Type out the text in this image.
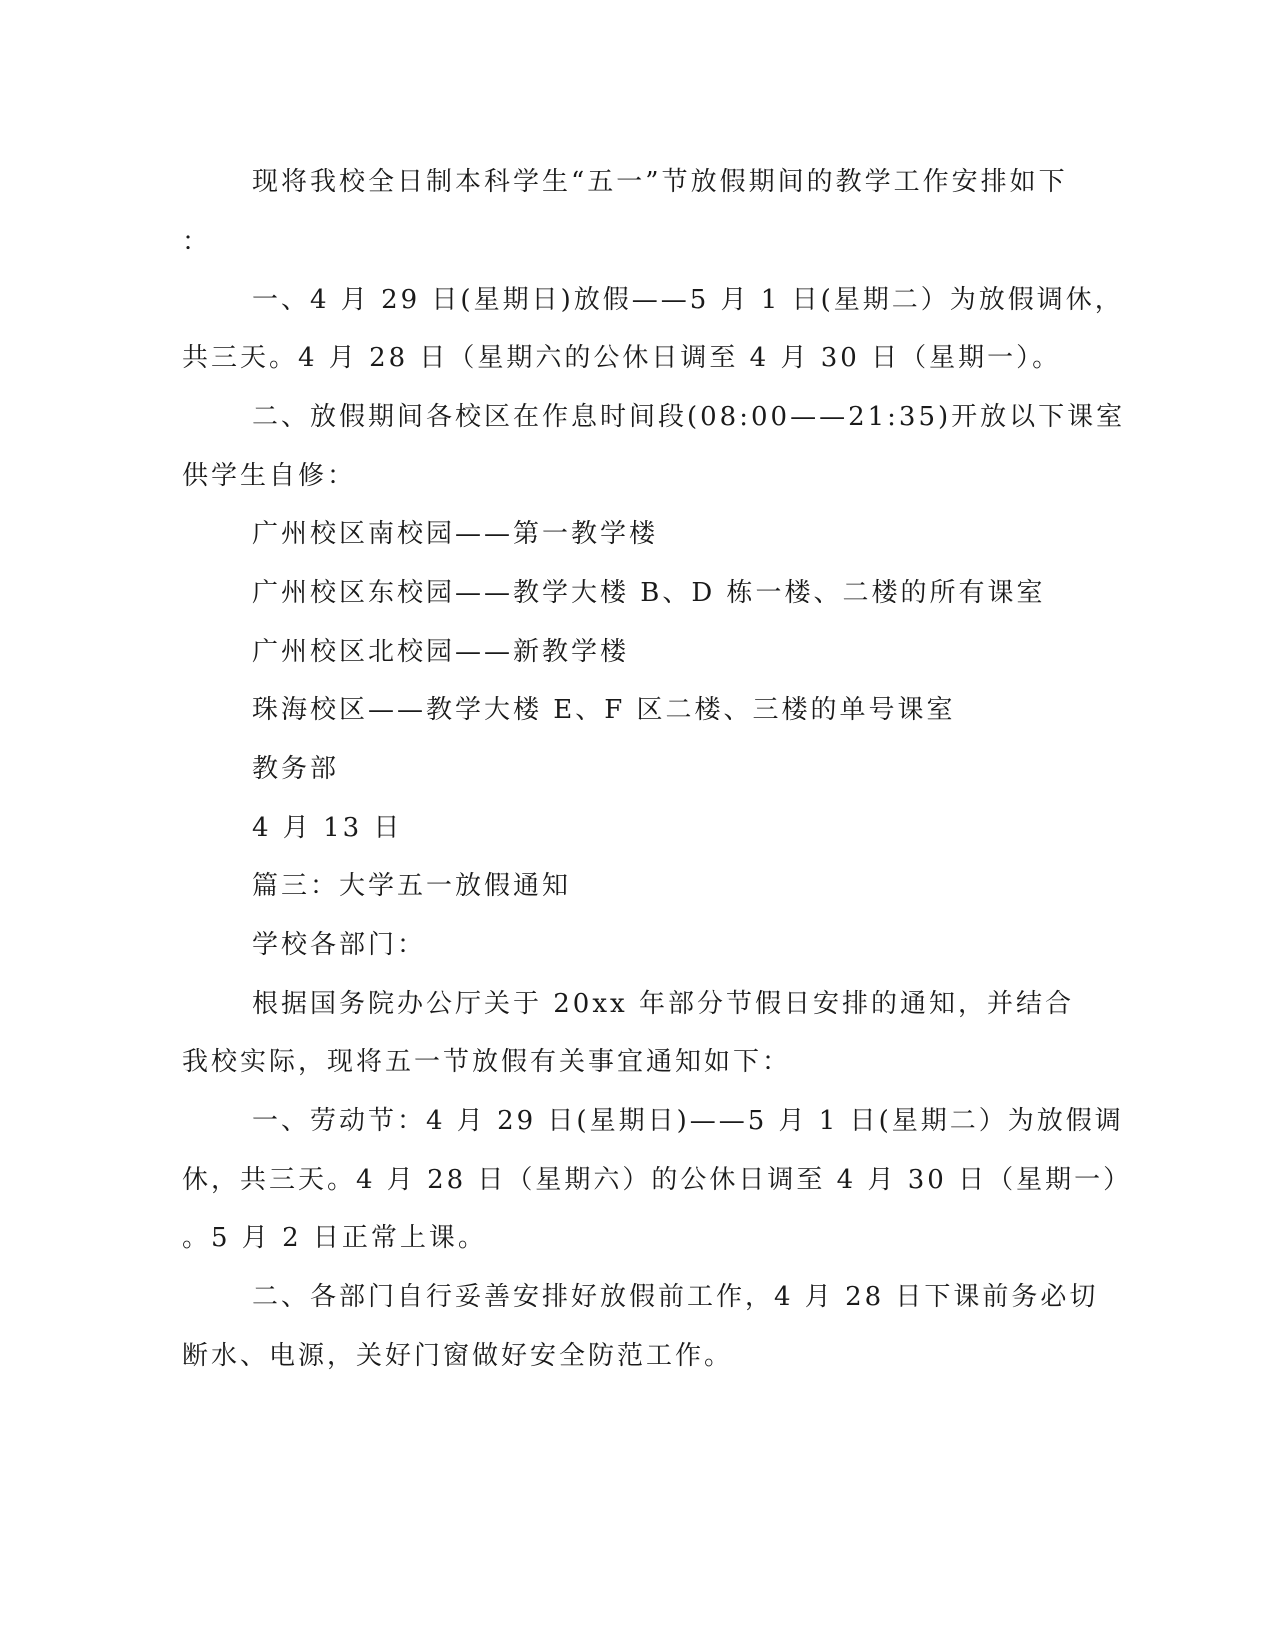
现将我校全日制本科学生“五一”节放假期间的教学工作安排如下
：
一、4 月 29 日(星期日)放假——5 月 1 日(星期二）为放假调休，
共三天。4 月 28 日（星期六的公休日调至 4 月 30 日（星期一）。
二、放假期间各校区在作息时间段(08:00——21:35)开放以下课室
供学生自修：
广州校区南校园——第一教学楼
广州校区东校园——教学大楼 B、D 栋一楼、二楼的所有课室
广州校区北校园——新教学楼
珠海校区——教学大楼 E、F 区二楼、三楼的单号课室
教务部
4 月 13 日
篇三：大学五一放假通知
学校各部门：
根据国务院办公厅关于 20xx 年部分节假日安排的通知，并结合
我校实际，现将五一节放假有关事宜通知如下：
一、劳动节：4 月 29 日(星期日)——5 月 1 日(星期二）为放假调
休，共三天。4 月 28 日（星期六）的公休日调至 4 月 30 日（星期一）
。5 月 2 日正常上课。
二、各部门自行妥善安排好放假前工作，4 月 28 日下课前务必切
断水、电源，关好门窗做好安全防范工作。
